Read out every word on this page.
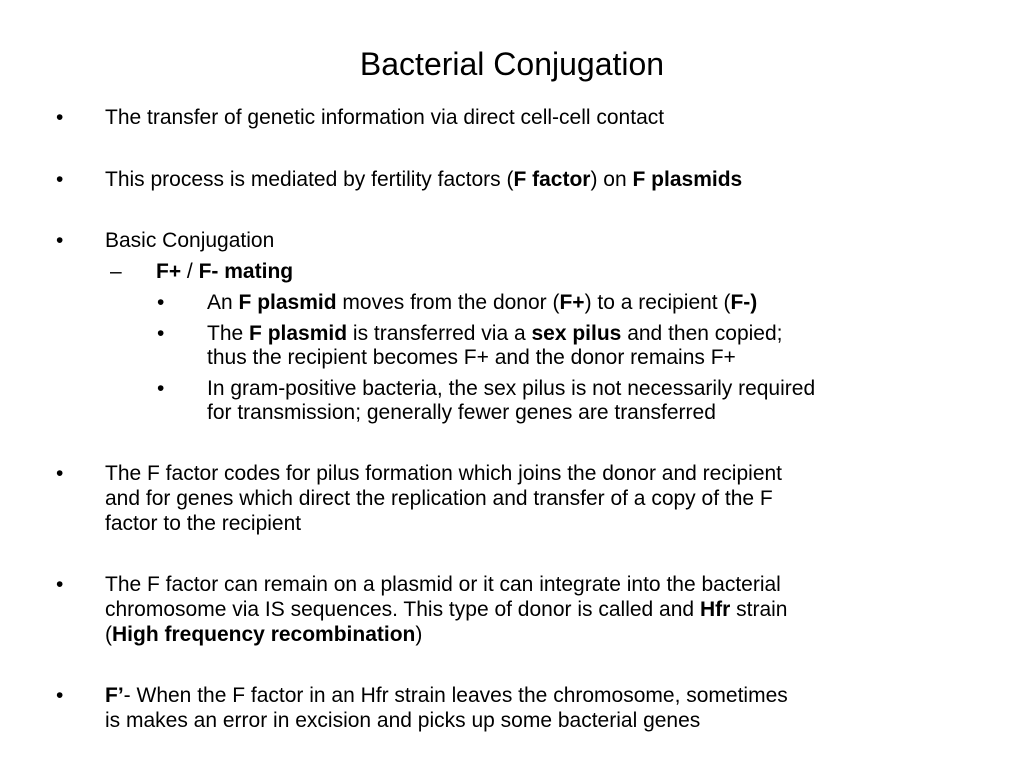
Bacterial Conjugation
• The transfer of genetic information via direct cell-cell contact
• This process is mediated by fertility factors (F factor) on F plasmids
• Basic Conjugation
– F+ / F- mating
• An F plasmid moves from the donor (F+) to a recipient (F-)
• The F plasmid is transferred via a sex pilus and then copied;
thus the recipient becomes F+ and the donor remains F+
• In gram-positive bacteria, the sex pilus is not necessarily required
for transmission; generally fewer genes are transferred
• The F factor codes for pilus formation which joins the donor and recipient
and for genes which direct the replication and transfer of a copy of the F
factor to the recipient
• The F factor can remain on a plasmid or it can integrate into the bacterial
chromosome via IS sequences. This type of donor is called and Hfr strain
(High frequency recombination)
• F’- When the F factor in an Hfr strain leaves the chromosome, sometimes
is makes an error in excision and picks up some bacterial genes
